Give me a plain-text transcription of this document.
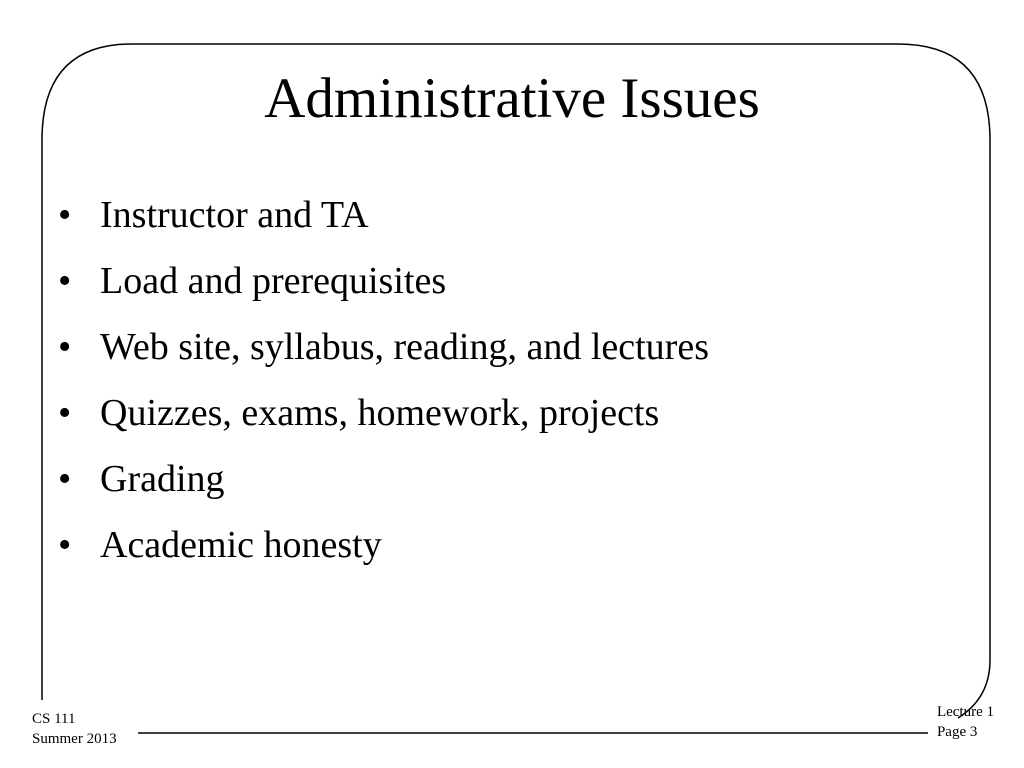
Administrative Issues
• Instructor and TA
• Load and prerequisites
• Web site, syllabus, reading, and lectures
• Quizzes, exams, homework, projects
• Grading
• Academic honesty
CS 111
Summer 2013
Lecture 1
Page 3
